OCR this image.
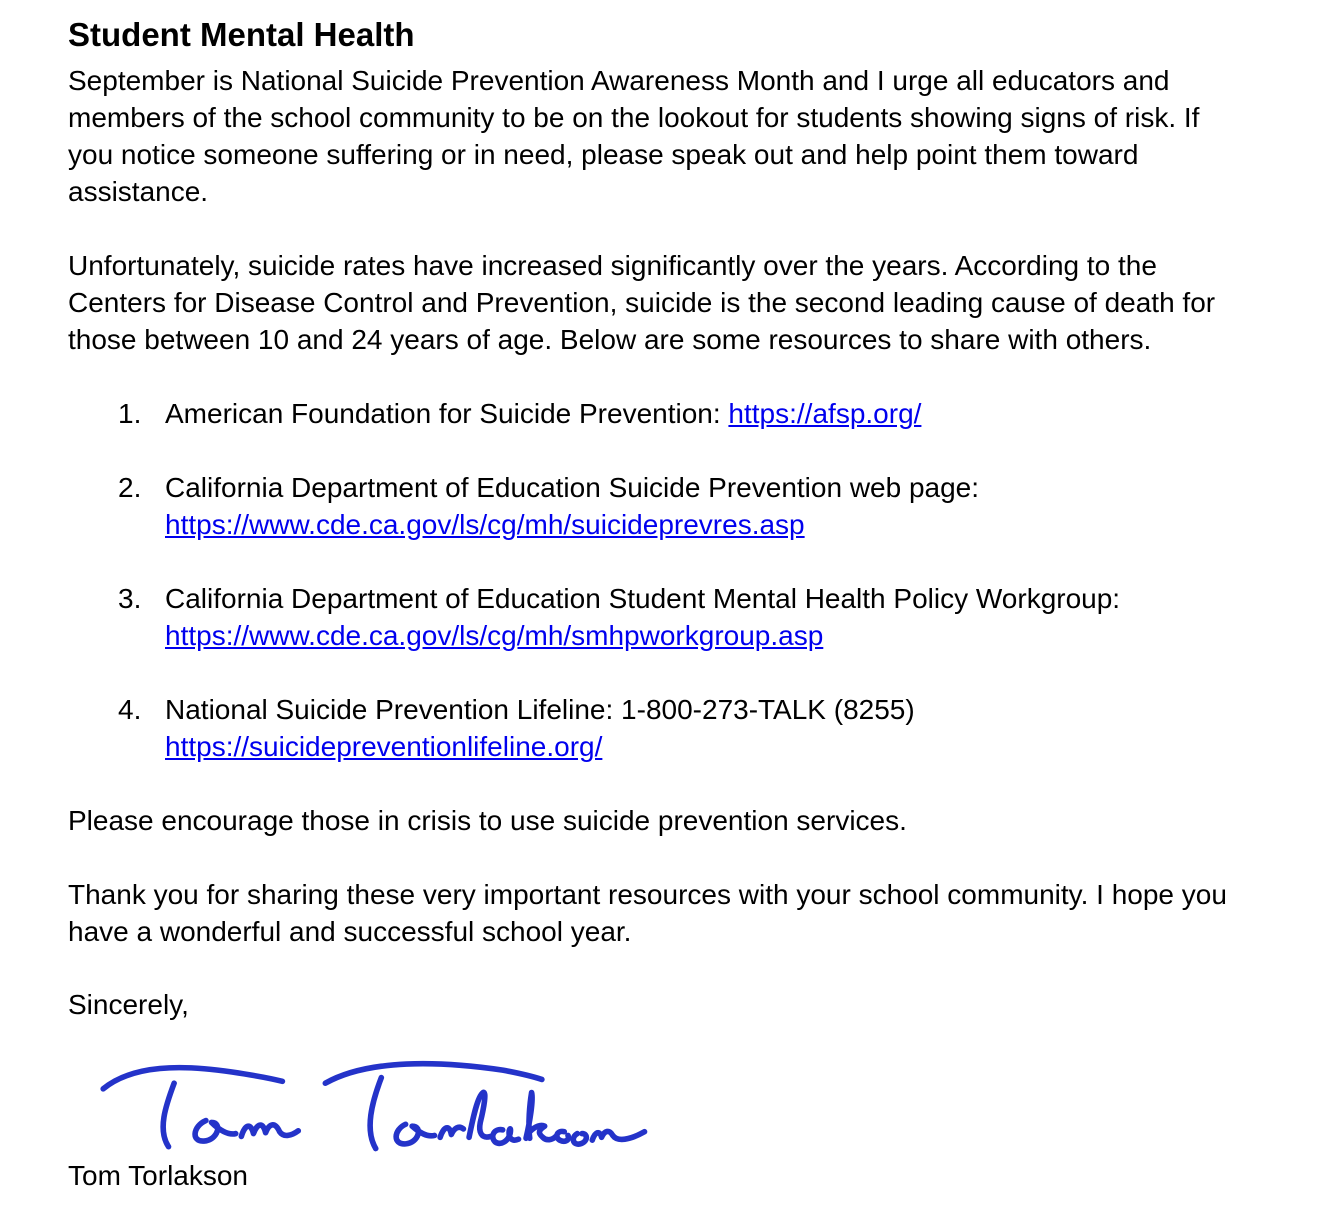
Student Mental Health

September is National Suicide Prevention Awareness Month and I urge all educators and members of the school community to be on the lookout for students showing signs of risk. If you notice someone suffering or in need, please speak out and help point them toward assistance.

Unfortunately, suicide rates have increased significantly over the years. According to the Centers for Disease Control and Prevention, suicide is the second leading cause of death for those between 10 and 24 years of age. Below are some resources to share with others.

1. American Foundation for Suicide Prevention: https://afsp.org/
2. California Department of Education Suicide Prevention web page: https://www.cde.ca.gov/ls/cg/mh/suicideprevres.asp
3. California Department of Education Student Mental Health Policy Workgroup: https://www.cde.ca.gov/ls/cg/mh/smhpworkgroup.asp
4. National Suicide Prevention Lifeline: 1-800-273-TALK (8255) https://suicidepreventionlifeline.org/

Please encourage those in crisis to use suicide prevention services.

Thank you for sharing these very important resources with your school community. I hope you have a wonderful and successful school year.

Sincerely,

Tom Torlakson
